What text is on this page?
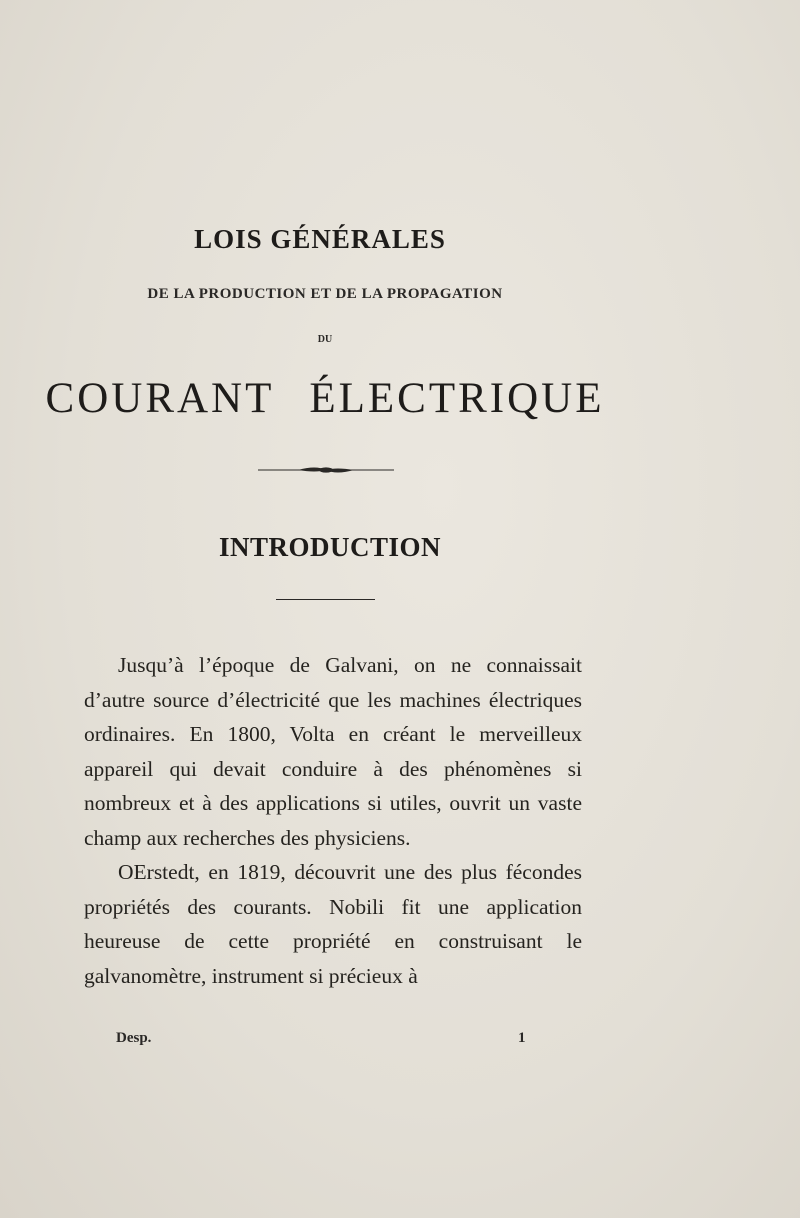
LOIS GÉNÉRALES
DE LA PRODUCTION ET DE LA PROPAGATION
DU
COURANT ÉLECTRIQUE
INTRODUCTION

Jusqu’à l’époque de Galvani, on ne connaissait d’autre source d’électricité que les machines électriques ordinaires. En 1800, Volta en créant le merveilleux appareil qui devait conduire à des phénomènes si nombreux et à des applications si utiles, ouvrit un vaste champ aux recherches des physiciens.

OErstedt, en 1819, découvrit une des plus fécondes propriétés des courants. Nobili fit une application heureuse de cette propriété en construisant le galvanomètre, instrument si précieux à

Desp.	1
